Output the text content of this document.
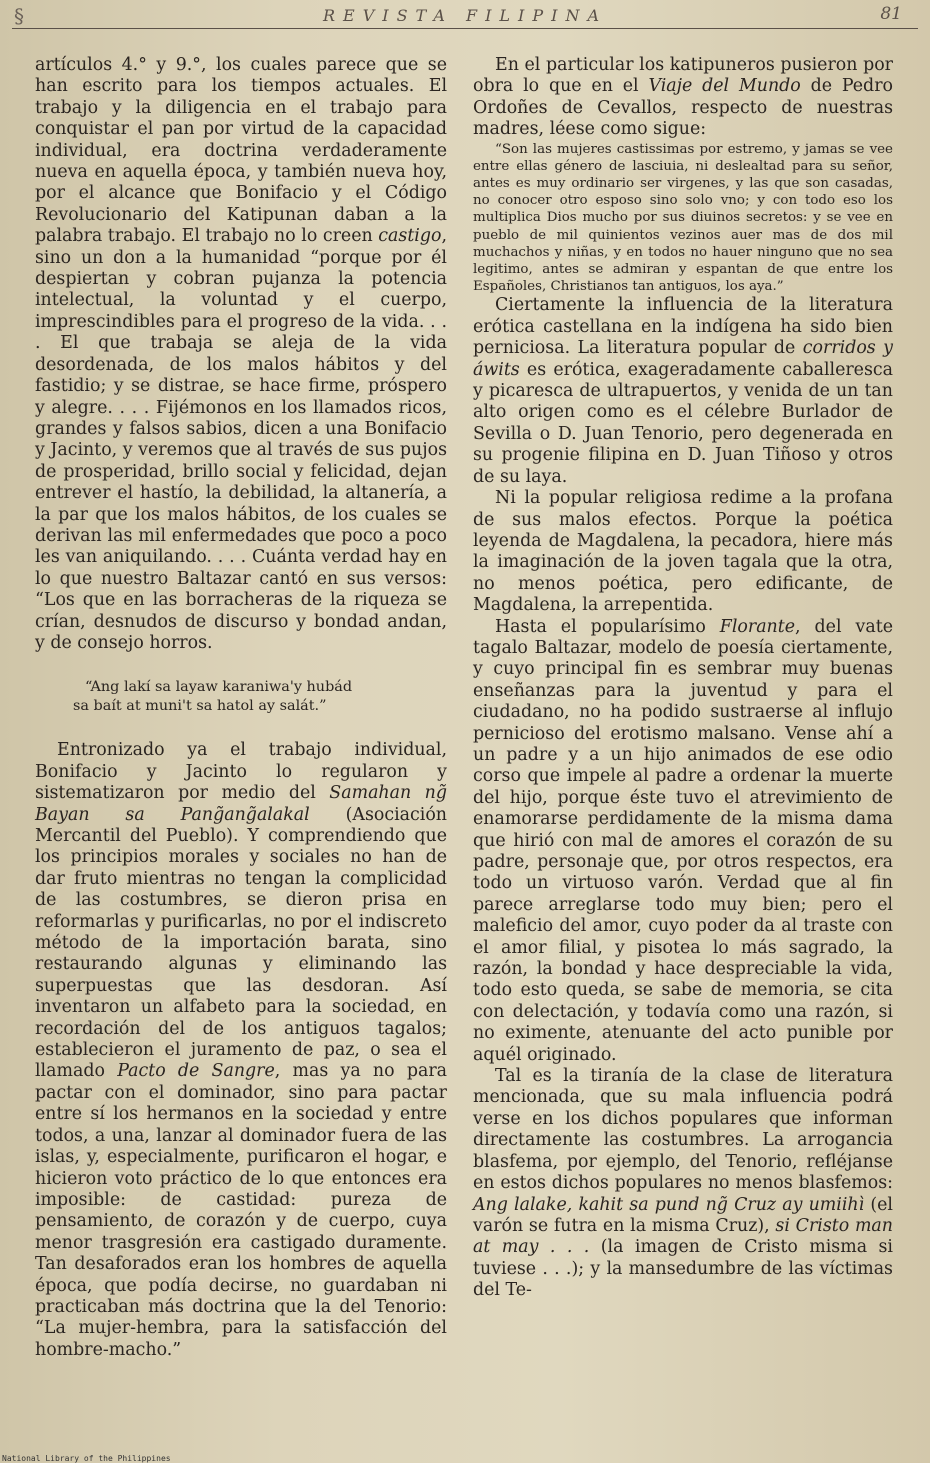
§	REVISTA FILIPINA	81

artículos 4.° y 9.°, los cuales parece que se han escrito para los tiempos actuales. El trabajo y la diligencia en el trabajo para conquistar el pan por virtud de la capacidad individual, era doctrina verdaderamente nueva en aquella época, y también nueva hoy, por el alcance que Bonifacio y el Código Revolucionario del Katipunan daban a la palabra trabajo. El trabajo no lo creen castigo, sino un don a la humanidad “porque por él despiertan y cobran pujanza la potencia intelectual, la voluntad y el cuerpo, imprescindibles para el progreso de la vida. . . . El que trabaja se aleja de la vida desordenada, de los malos hábitos y del fastidio; y se distrae, se hace firme, próspero y alegre. . . . Fijémonos en los llamados ricos, grandes y falsos sabios, dicen a una Bonifacio y Jacinto, y veremos que al través de sus pujos de prosperidad, brillo social y felicidad, dejan entrever el hastío, la debilidad, la altanería, a la par que los malos hábitos, de los cuales se derivan las mil enfermedades que poco a poco les van aniquilando. . . . Cuánta verdad hay en lo que nuestro Baltazar cantó en sus versos: “Los que en las borracheras de la riqueza se crían, desnudos de discurso y bondad andan, y de consejo horros.

“Ang lakí sa layaw karaniwa'y hubád
sa baít at muni't sa hatol ay salát.”

Entronizado ya el trabajo individual, Bonifacio y Jacinto lo regularon y sistematizaron por medio del Samahan ng̃ Bayan sa Pang̃ang̃alakal (Asociación Mercantil del Pueblo). Y comprendiendo que los principios morales y sociales no han de dar fruto mientras no tengan la complicidad de las costumbres, se dieron prisa en reformarlas y purificarlas, no por el indiscreto método de la importación barata, sino restaurando algunas y eliminando las superpuestas que las desdoran. Así inventaron un alfabeto para la sociedad, en recordación del de los antiguos tagalos; establecieron el juramento de paz, o sea el llamado Pacto de Sangre, mas ya no para pactar con el dominador, sino para pactar entre sí los hermanos en la sociedad y entre todos, a una, lanzar al dominador fuera de las islas, y, especialmente, purificaron el hogar, e hicieron voto práctico de lo que entonces era imposible: de castidad: pureza de pensamiento, de corazón y de cuerpo, cuya menor trasgresión era castigado duramente. Tan desaforados eran los hombres de aquella época, que podía decirse, no guardaban ni practicaban más doctrina que la del Tenorio: “La mujer-hembra, para la satisfacción del hombre-macho.”

En el particular los katipuneros pusieron por obra lo que en el Viaje del Mundo de Pedro Ordoñes de Cevallos, respecto de nuestras madres, léese como sigue:

“Son las mujeres castissimas por estremo, y jamas se vee entre ellas género de lasciuia, ni deslealtad para su señor, antes es muy ordinario ser virgenes, y las que son casadas, no conocer otro esposo sino solo vno; y con todo eso los multiplica Dios mucho por sus diuinos secretos: y se vee en pueblo de mil quinientos vezinos auer mas de dos mil muchachos y niñas, y en todos no hauer ninguno que no sea legitimo, antes se admiran y espantan de que entre los Españoles, Christianos tan antiguos, los aya.”

Ciertamente la influencia de la literatura erótica castellana en la indígena ha sido bien perniciosa. La literatura popular de corridos y áwits es erótica, exageradamente caballeresca y picaresca de ultrapuertos, y venida de un tan alto origen como es el célebre Burlador de Sevilla o D. Juan Tenorio, pero degenerada en su progenie filipina en D. Juan Tiñoso y otros de su laya.

Ni la popular religiosa redime a la profana de sus malos efectos. Porque la poética leyenda de Magdalena, la pecadora, hiere más la imaginación de la joven tagala que la otra, no menos poética, pero edificante, de Magdalena, la arrepentida.

Hasta el popularísimo Florante, del vate tagalo Baltazar, modelo de poesía ciertamente, y cuyo principal fin es sembrar muy buenas enseñanzas para la juventud y para el ciudadano, no ha podido sustraerse al influjo pernicioso del erotismo malsano. Vense ahí a un padre y a un hijo animados de ese odio corso que impele al padre a ordenar la muerte del hijo, porque éste tuvo el atrevimiento de enamorarse perdidamente de la misma dama que hirió con mal de amores el corazón de su padre, personaje que, por otros respectos, era todo un virtuoso varón. Verdad que al fin parece arreglarse todo muy bien; pero el maleficio del amor, cuyo poder da al traste con el amor filial, y pisotea lo más sagrado, la razón, la bondad y hace despreciable la vida, todo esto queda, se sabe de memoria, se cita con delectación, y todavía como una razón, si no eximente, atenuante del acto punible por aquél originado.

Tal es la tiranía de la clase de literatura mencionada, que su mala influencia podrá verse en los dichos populares que informan directamente las costumbres. La arrogancia blasfema, por ejemplo, del Tenorio, refléjanse en estos dichos populares no menos blasfemos: Ang lalake, kahit sa pund ng̃ Cruz ay umiihì (el varón se futra en la misma Cruz), si Cristo man at may . . . (la imagen de Cristo misma si tuviese . . .); y la mansedumbre de las víctimas del Te-

National Library of the Philippines
